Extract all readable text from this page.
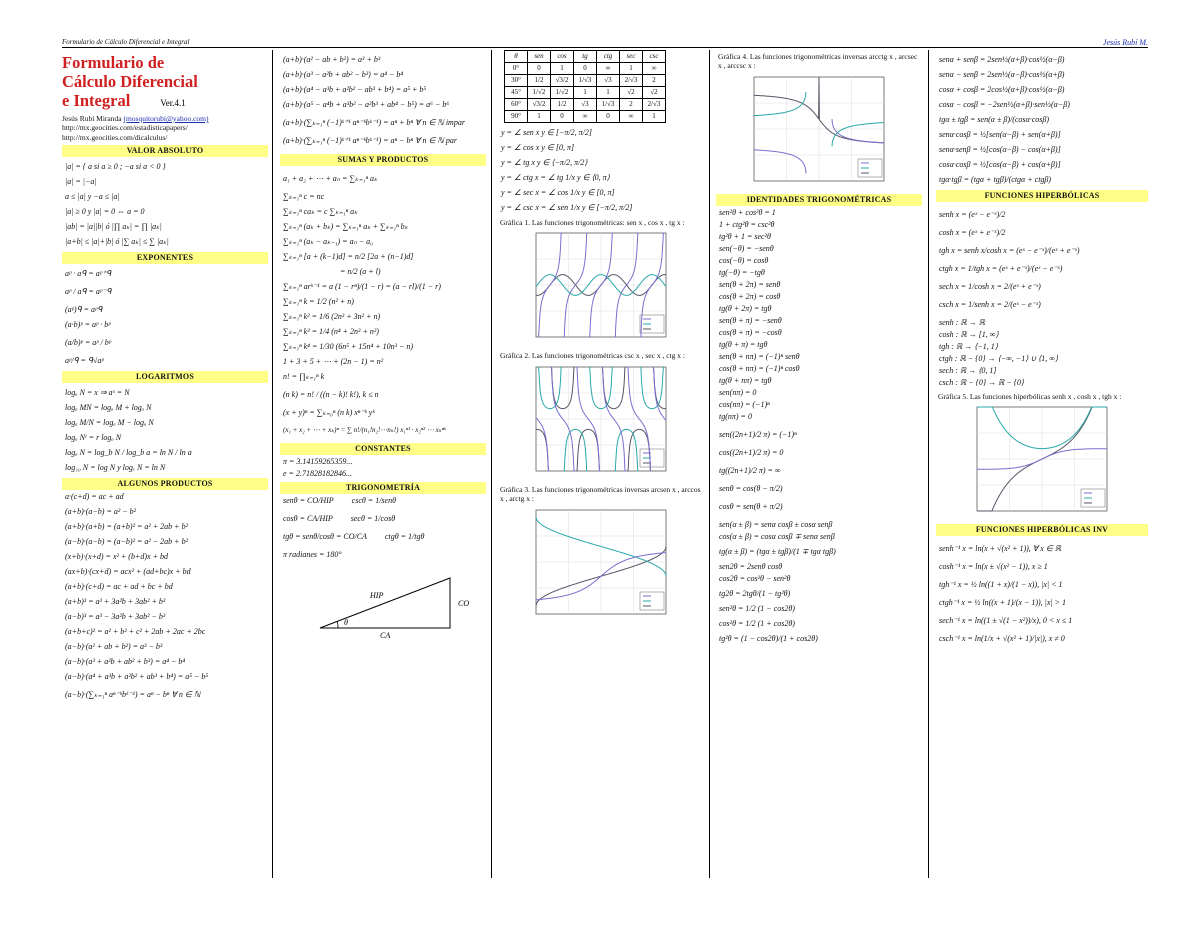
Formulario de Cálculo Diferencial e Integral	Jesús Rubí M.
Formulario de
Cálculo Diferencial
e Integral	Ver.4.1
Jesús Rubí Miranda (mosquitorubi@yahoo.com)
http://mx.geocities.com/estadisticapapers/
http://mx.geocities.com/dicalculus/
VALOR ABSOLUTO
|a| = { a si a ≥ 0 ; −a si a < 0 }
|a| = |−a|
a ≤ |a| y −a ≤ |a|
|a| ≥ 0 y |a| = 0 ⇔ a = 0
|ab| = |a||b| ó |∏ aₖ| = ∏ |aₖ|
|a+b| ≤ |a|+|b| ó |∑ aₖ| ≤ ∑ |aₖ|
EXPONENTES
aᵖ · aᑫ = aᵖ⁺ᑫ
aᵖ / aᑫ = aᵖ⁻ᑫ
(aᵖ)ᑫ = aᵖᑫ
(a·b)ᵖ = aᵖ · bᵖ
(a/b)ᵖ = aᵖ / bᵖ
aᵖ/ᑫ = ᑫ√aᵖ
LOGARITMOS
logₐ N = x ⇒ aˣ = N
logₐ MN = logₐ M + logₐ N
logₐ M/N = logₐ M − logₐ N
logₐ Nʳ = r logₐ N
logₐ N = log_b N / log_b a = ln N / ln a
log₁₀ N = log N y logₑ N = ln N
ALGUNOS PRODUCTOS
a·(c+d) = ac + ad
(a+b)·(a−b) = a² − b²
(a+b)·(a+b) = (a+b)² = a² + 2ab + b²
(a−b)·(a−b) = (a−b)² = a² − 2ab + b²
(x+b)·(x+d) = x² + (b+d)x + bd
(ax+b)·(cx+d) = acx² + (ad+bc)x + bd
(a+b)·(c+d) = ac + ad + bc + bd
(a+b)³ = a³ + 3a²b + 3ab² + b³
(a−b)³ = a³ − 3a²b + 3ab² − b³
(a+b+c)² = a² + b² + c² + 2ab + 2ac + 2bc
(a−b)·(a² + ab + b²) = a³ − b³
(a−b)·(a³ + a²b + ab² + b³) = a⁴ − b⁴
(a−b)·(a⁴ + a³b + a²b² + ab³ + b⁴) = a⁵ − b⁵
(a−b)·(∑ₖ₌₁ⁿ aⁿ⁻ᵏbᵏ⁻¹) = aⁿ − bⁿ ∀ n ∈ ℕ
(a+b)·(a² − ab + b²) = a³ + b³
(a+b)·(a³ − a²b + ab² − b³) = a⁴ − b⁴
(a+b)·(a⁴ − a³b + a²b² − ab³ + b⁴) = a⁵ + b⁵
(a+b)·(a⁵ − a⁴b + a³b² − a²b³ + ab⁴ − b⁵) = a⁶ − b⁶
(a+b)·(∑ₖ₌₁ⁿ (−1)ᵏ⁺¹ aⁿ⁻ᵏbᵏ⁻¹) = aⁿ + bⁿ ∀ n ∈ ℕ impar
(a+b)·(∑ₖ₌₁ⁿ (−1)ᵏ⁺¹ aⁿ⁻ᵏbᵏ⁻¹) = aⁿ − bⁿ ∀ n ∈ ℕ par
SUMAS Y PRODUCTOS
a₁ + a₂ + ⋯ + aₙ = ∑ₖ₌₁ⁿ aₖ
∑ₖ₌₁ⁿ c = nc
∑ₖ₌₁ⁿ caₖ = c ∑ₖ₌₁ⁿ aₖ
∑ₖ₌₁ⁿ (aₖ + bₖ) = ∑ₖ₌₁ⁿ aₖ + ∑ₖ₌₁ⁿ bₖ
∑ₖ₌₁ⁿ (aₖ − aₖ₋₁) = aₙ − a₀
∑ₖ₌₁ⁿ [a + (k−1)d] = n/2 [2a + (n−1)d]
= n/2 (a + l)
∑ₖ₌₁ⁿ arᵏ⁻¹ = a (1 − rⁿ)/(1 − r) = (a − rl)/(1 − r)
∑ₖ₌₁ⁿ k = 1/2 (n² + n)
∑ₖ₌₁ⁿ k² = 1/6 (2n³ + 3n² + n)
∑ₖ₌₁ⁿ k³ = 1/4 (n⁴ + 2n³ + n²)
∑ₖ₌₁ⁿ k⁴ = 1/30 (6n⁵ + 15n⁴ + 10n³ − n)
1 + 3 + 5 + ⋯ + (2n − 1) = n²
n! = ∏ₖ₌₁ⁿ k
(n k) = n! / ((n − k)! k!), k ≤ n
(x + y)ⁿ = ∑ₖ₌₀ⁿ (n k) xⁿ⁻ᵏ yᵏ
(x₁ + x₂ + ⋯ + xₖ)ⁿ = ∑ n!/(n₁!n₂!⋯nₖ!) x₁ⁿ¹ · x₂ⁿ² ⋯ xₖⁿᵏ
CONSTANTES
π = 3.14159265359...
e = 2.71828182846...
TRIGONOMETRÍA
senθ = CO/HIP cscθ = 1/senθ
cosθ = CA/HIP secθ = 1/cosθ
tgθ = senθ/cosθ = CO/CA ctgθ = 1/tgθ
π radianes = 180°
HIP
CO
CA
θ
θ	sen	cos	tg	ctg	sec	csc
0°	0	1	0	∞	1	∞
30°	1/2	√3/2	1/√3	√3	2/√3	2
45°	1/√2	1/√2	1	1	√2	√2
60°	√3/2	1/2	√3	1/√3	2	2/√3
90°	1	0	∞	0	∞	1
y = ∠ sen x y ∈ [−π/2, π/2]
y = ∠ cos x y ∈ [0, π]
y = ∠ tg x y ∈ ⟨−π/2, π/2⟩
y = ∠ ctg x = ∠ tg 1/x y ∈ ⟨0, π⟩
y = ∠ sec x = ∠ cos 1/x y ∈ [0, π]
y = ∠ csc x = ∠ sen 1/x y ∈ [−π/2, π/2]
Gráfica 1. Las funciones trigonométricas: sen x , cos x , tg x :
Gráfica 2. Las funciones trigonométricas csc x , sec x , ctg x :
Gráfica 3. Las funciones trigonométricas inversas arcsen x , arccos x , arctg x :
Gráfica 4. Las funciones trigonométricas inversas arcctg x , arcsec x , arccsc x :
IDENTIDADES TRIGONOMÉTRICAS
sen²θ + cos²θ = 1
1 + ctg²θ = csc²θ
tg²θ + 1 = sec²θ
sen(−θ) = −senθ
cos(−θ) = cosθ
tg(−θ) = −tgθ
sen(θ + 2π) = senθ
cos(θ + 2π) = cosθ
tg(θ + 2π) = tgθ
sen(θ + π) = −senθ
cos(θ + π) = −cosθ
tg(θ + π) = tgθ
sen(θ + nπ) = (−1)ⁿ senθ
cos(θ + nπ) = (−1)ⁿ cosθ
tg(θ + nπ) = tgθ
sen(nπ) = 0
cos(nπ) = (−1)ⁿ
tg(nπ) = 0
sen((2n+1)/2 π) = (−1)ⁿ
cos((2n+1)/2 π) = 0
tg((2n+1)/2 π) = ∞
senθ = cos(θ − π/2)
cosθ = sen(θ + π/2)
sen(α ± β) = senα cosβ ± cosα senβ
cos(α ± β) = cosα cosβ ∓ senα senβ
tg(α ± β) = (tgα ± tgβ)/(1 ∓ tgα tgβ)
sen2θ = 2senθ cosθ
cos2θ = cos²θ − sen²θ
tg2θ = 2tgθ/(1 − tg²θ)
sen²θ = 1/2 (1 − cos2θ)
cos²θ = 1/2 (1 + cos2θ)
tg²θ = (1 − cos2θ)/(1 + cos2θ)
senα + senβ = 2sen½(α+β)·cos½(α−β)
senα − senβ = 2sen½(α−β)·cos½(α+β)
cosα + cosβ = 2cos½(α+β)·cos½(α−β)
cosα − cosβ = −2sen½(α+β)·sen½(α−β)
tgα ± tgβ = sen(α ± β)/(cosα·cosβ)
senα·cosβ = ½[sen(α−β) + sen(α+β)]
senα·senβ = ½[cos(α−β) − cos(α+β)]
cosα·cosβ = ½[cos(α−β) + cos(α+β)]
tgα·tgβ = (tgα + tgβ)/(ctgα + ctgβ)
FUNCIONES HIPERBÓLICAS
senh x = (eˣ − e⁻ˣ)/2
cosh x = (eˣ + e⁻ˣ)/2
tgh x = senh x/cosh x = (eˣ − e⁻ˣ)/(eˣ + e⁻ˣ)
ctgh x = 1/tgh x = (eˣ + e⁻ˣ)/(eˣ − e⁻ˣ)
sech x = 1/cosh x = 2/(eˣ + e⁻ˣ)
csch x = 1/senh x = 2/(eˣ − e⁻ˣ)
senh : ℝ → ℝ
cosh : ℝ → [1, ∞⟩
tgh : ℝ → ⟨−1, 1⟩
ctgh : ℝ − {0} → ⟨−∞, −1⟩ ∪ ⟨1, ∞⟩
sech : ℝ → ⟨0, 1]
csch : ℝ − {0} → ℝ − {0}
Gráfica 5. Las funciones hiperbólicas senh x , cosh x , tgh x :
FUNCIONES HIPERBÓLICAS INV
senh⁻¹ x = ln(x + √(x² + 1)), ∀ x ∈ ℝ
cosh⁻¹ x = ln(x ± √(x² − 1)), x ≥ 1
tgh⁻¹ x = ½ ln((1 + x)/(1 − x)), |x| < 1
ctgh⁻¹ x = ½ ln((x + 1)/(x − 1)), |x| > 1
sech⁻¹ x = ln((1 ± √(1 − x²))/x), 0 < x ≤ 1
csch⁻¹ x = ln(1/x + √(x² + 1)/|x|), x ≠ 0
